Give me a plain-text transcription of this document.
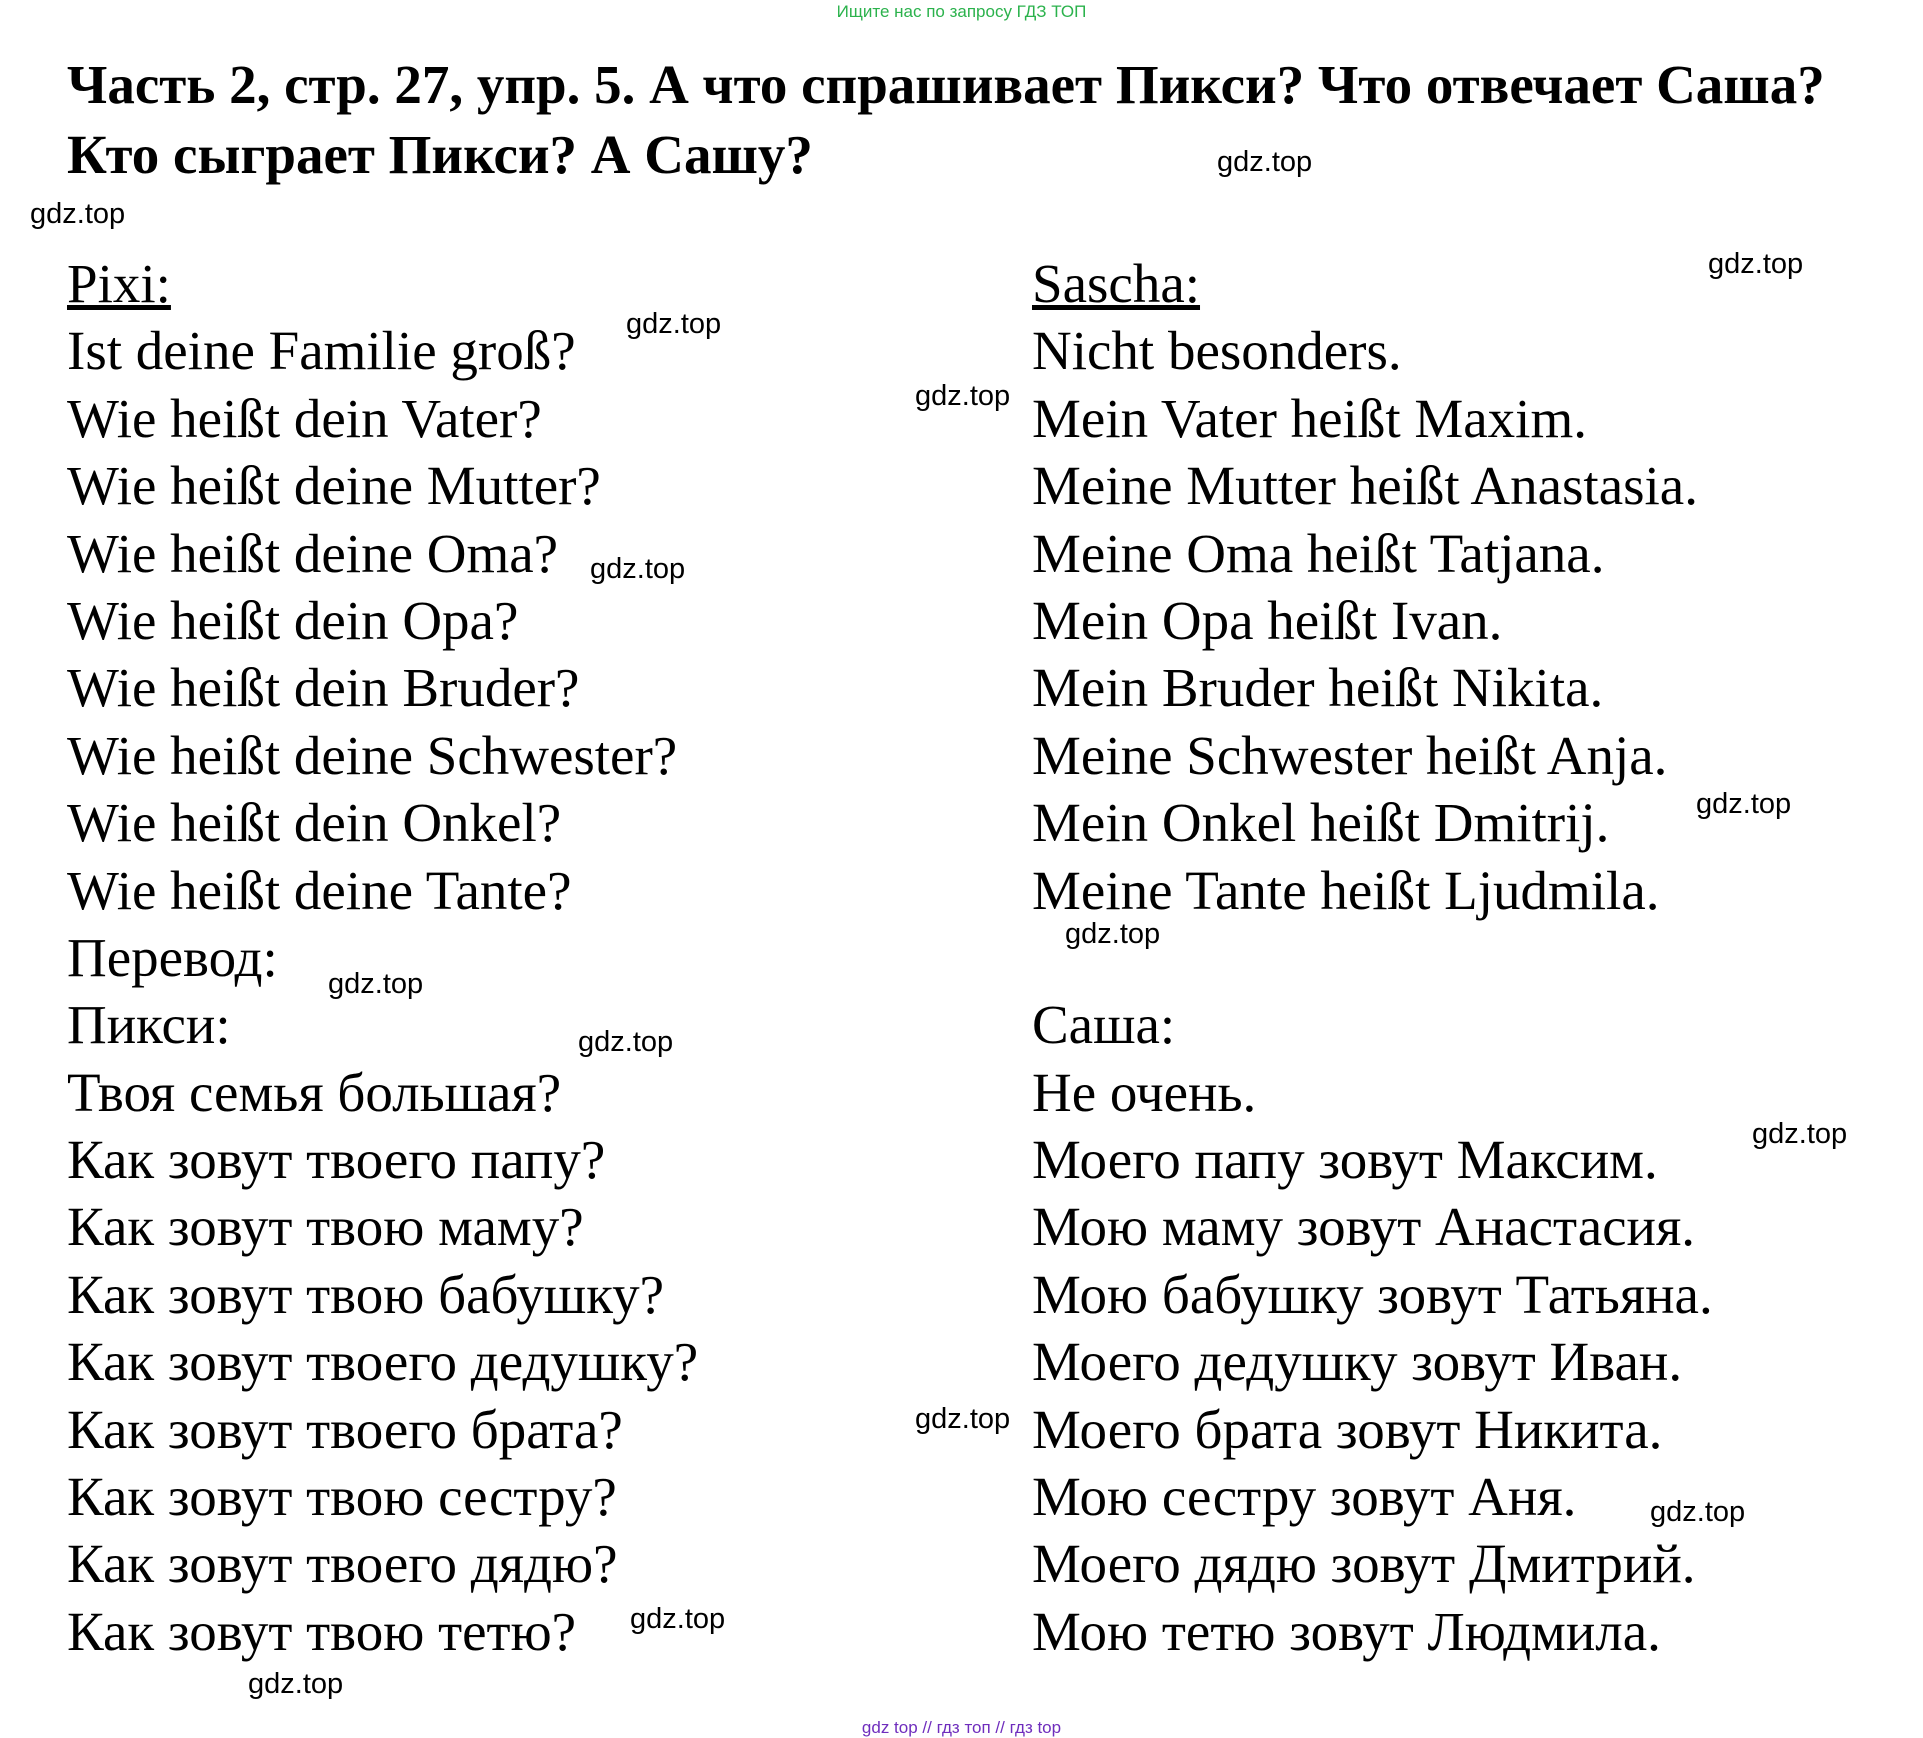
Ищите нас по запросу ГДЗ ТОП
Часть 2, стр. 27, упр. 5. А что спрашивает Пикси? Что отвечает Саша? Кто сыграет Пикси? А Сашу?
Pixi:
Ist deine Familie groß?
Wie heißt dein Vater?
Wie heißt deine Mutter?
Wie heißt deine Oma?
Wie heißt dein Opa?
Wie heißt dein Bruder?
Wie heißt deine Schwester?
Wie heißt dein Onkel?
Wie heißt deine Tante?
Перевод:
Пикси:
Твоя семья большая?
Как зовут твоего папу?
Как зовут твою маму?
Как зовут твою бабушку?
Как зовут твоего дедушку?
Как зовут твоего брата?
Как зовут твою сестру?
Как зовут твоего дядю?
Как зовут твою тетю?
Sascha:
Nicht besonders.
Mein Vater heißt Maxim.
Meine Mutter heißt Anastasia.
Meine Oma heißt Tatjana.
Mein Opa heißt Ivan.
Mein Bruder heißt Nikita.
Meine Schwester heißt Anja.
Mein Onkel heißt Dmitrij.
Meine Tante heißt Ljudmila.
Саша:
Не очень.
Моего папу зовут Максим.
Мою маму зовут Анастасия.
Мою бабушку зовут Татьяна.
Моего дедушку зовут Иван.
Моего брата зовут Никита.
Мою сестру зовут Аня.
Моего дядю зовут Дмитрий.
Мою тетю зовут Людмила.
gdz.top
gdz.top
gdz.top
gdz.top
gdz.top
gdz.top
gdz.top
gdz.top
gdz.top
gdz.top
gdz.top
gdz.top
gdz.top
gdz.top
gdz.top
gdz top // гдз топ // гдз top
